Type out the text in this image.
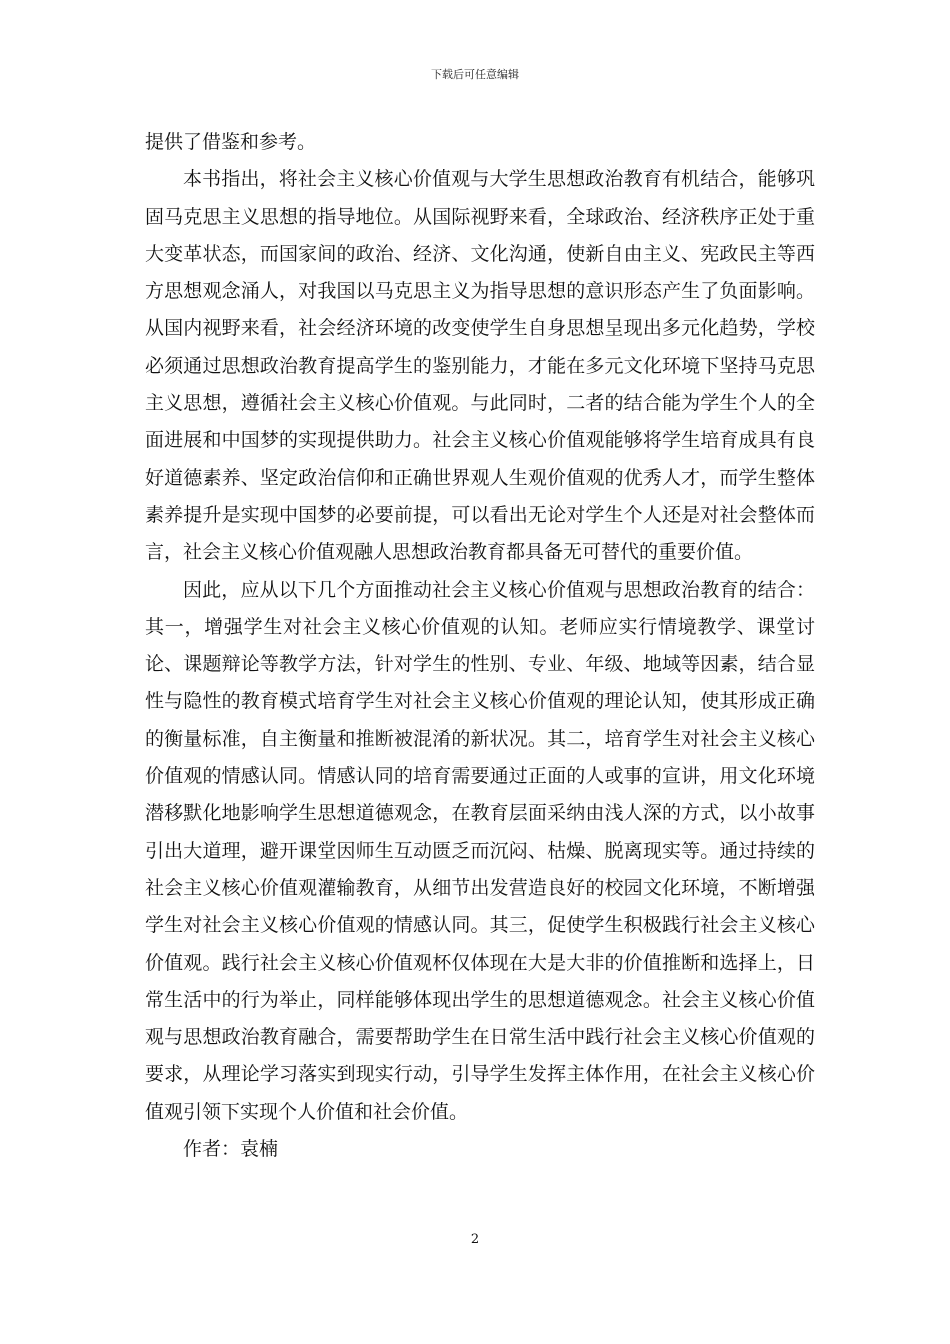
下载后可任意编辑

提供了借鉴和参考。

本书指出，将社会主义核心价值观与大学生思想政治教育有机结合，能够巩固马克思主义思想的指导地位。从国际视野来看，全球政治、经济秩序正处于重大变革状态，而国家间的政治、经济、文化沟通，使新自由主义、宪政民主等西方思想观念涌人，对我国以马克思主义为指导思想的意识形态产生了负面影响。从国内视野来看，社会经济环境的改变使学生自身思想呈现出多元化趋势，学校必须通过思想政治教育提高学生的鉴别能力，才能在多元文化环境下坚持马克思主义思想，遵循社会主义核心价值观。与此同时，二者的结合能为学生个人的全面进展和中国梦的实现提供助力。社会主义核心价值观能够将学生培育成具有良好道德素养、坚定政治信仰和正确世界观人生观价值观的优秀人才，而学生整体素养提升是实现中国梦的必要前提，可以看出无论对学生个人还是对社会整体而言，社会主义核心价值观融人思想政治教育都具备无可替代的重要价值。

因此，应从以下几个方面推动社会主义核心价值观与思想政治教育的结合：其一，增强学生对社会主义核心价值观的认知。老师应实行情境教学、课堂讨论、课题辩论等教学方法，针对学生的性别、专业、年级、地域等因素，结合显性与隐性的教育模式培育学生对社会主义核心价值观的理论认知，使其形成正确的衡量标准，自主衡量和推断被混淆的新状况。其二，培育学生对社会主义核心价值观的情感认同。情感认同的培育需要通过正面的人或事的宣讲，用文化环境潜移默化地影响学生思想道德观念，在教育层面采纳由浅人深的方式，以小故事引出大道理，避开课堂因师生互动匮乏而沉闷、枯燥、脱离现实等。通过持续的社会主义核心价值观灌输教育，从细节出发营造良好的校园文化环境，不断增强学生对社会主义核心价值观的情感认同。其三，促使学生积极践行社会主义核心价值观。践行社会主义核心价值观杯仅体现在大是大非的价值推断和选择上，日常生活中的行为举止，同样能够体现出学生的思想道德观念。社会主义核心价值观与思想政治教育融合，需要帮助学生在日常生活中践行社会主义核心价值观的要求，从理论学习落实到现实行动，引导学生发挥主体作用，在社会主义核心价值观引领下实现个人价值和社会价值。

作者：袁楠

2
